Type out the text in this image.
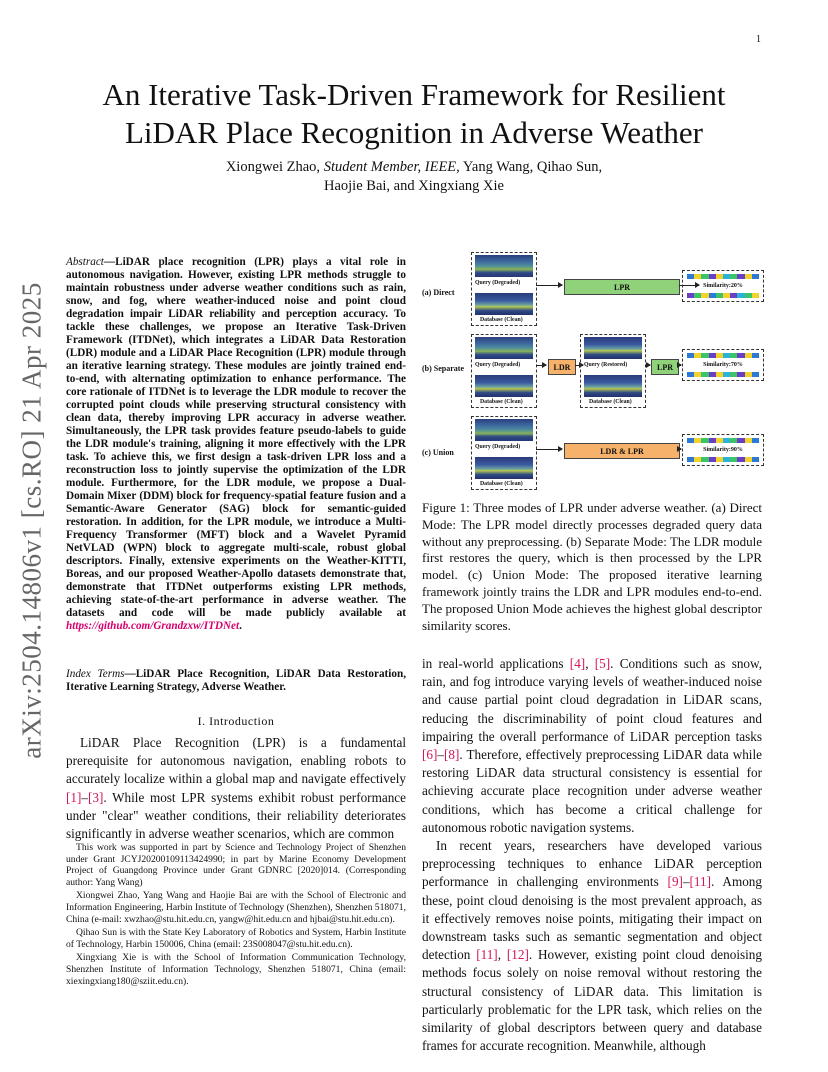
1
arXiv:2504.14806v1 [cs.RO] 21 Apr 2025
An Iterative Task-Driven Framework for Resilient LiDAR Place Recognition in Adverse Weather
Xiongwei Zhao, Student Member, IEEE, Yang Wang, Qihao Sun,
Haojie Bai, and Xingxiang Xie
Abstract—LiDAR place recognition (LPR) plays a vital role in autonomous navigation. However, existing LPR methods struggle to maintain robustness under adverse weather conditions such as rain, snow, and fog, where weather-induced noise and point cloud degradation impair LiDAR reliability and perception accuracy. To tackle these challenges, we propose an Iterative Task-Driven Framework (ITDNet), which integrates a LiDAR Data Restoration (LDR) module and a LiDAR Place Recognition (LPR) module through an iterative learning strategy. These modules are jointly trained end-to-end, with alternating optimization to enhance performance. The core rationale of ITDNet is to leverage the LDR module to recover the corrupted point clouds while preserving structural consistency with clean data, thereby improving LPR accuracy in adverse weather. Simultaneously, the LPR task provides feature pseudo-labels to guide the LDR module's training, aligning it more effectively with the LPR task. To achieve this, we first design a task-driven LPR loss and a reconstruction loss to jointly supervise the optimization of the LDR module. Furthermore, for the LDR module, we propose a Dual-Domain Mixer (DDM) block for frequency-spatial feature fusion and a Semantic-Aware Generator (SAG) block for semantic-guided restoration. In addition, for the LPR module, we introduce a Multi-Frequency Transformer (MFT) block and a Wavelet Pyramid NetVLAD (WPN) block to aggregate multi-scale, robust global descriptors. Finally, extensive experiments on the Weather-KITTI, Boreas, and our proposed Weather-Apollo datasets demonstrate that, demonstrate that ITDNet outperforms existing LPR methods, achieving state-of-the-art performance in adverse weather. The datasets and code will be made publicly available at https://github.com/Grandzxw/ITDNet.
Index Terms—LiDAR Place Recognition, LiDAR Data Restoration, Iterative Learning Strategy, Adverse Weather.
I. Introduction

LiDAR Place Recognition (LPR) is a fundamental prerequisite for autonomous navigation, enabling robots to accurately localize within a global map and navigate effectively [1]–[3]. While most LPR systems exhibit robust performance under "clear" weather conditions, their reliability deteriorates significantly in adverse weather scenarios, which are common

This work was supported in part by Science and Technology Project of Shenzhen under Grant JCYJ20200109113424990; in part by Marine Economy Development Project of Guangdong Province under Grant GDNRC [2020]014. (Corresponding author: Yang Wang)

Xiongwei Zhao, Yang Wang and Haojie Bai are with the School of Electronic and Information Engineering, Harbin Institute of Technology (Shenzhen), Shenzhen 518071, China (e-mail: xwzhao@stu.hit.edu.cn, yangw@hit.edu.cn and hjbai@stu.hit.edu.cn).

Qihao Sun is with the State Key Laboratory of Robotics and System, Harbin Institute of Technology, Harbin 150006, China (email: 23S008047@stu.hit.edu.cn).

Xingxiang Xie is with the School of Information Communication Technology, Shenzhen Institute of Information Technology, Shenzhen 518071, China (email: xiexingxiang180@sziit.edu.cn).

(a) Direct
Query (Degraded)
Database (Clean)
LPR	Similarity:20%
(b) Separate Query (Degraded)
Database (Clean)
LDR	Query (Restored)
Database (Clean)
LPR	Similarity:70%
(c) Union
Query (Degraded)
Database (Clean)
LDR & LPR	Similarity:90%
Figure 1: Three modes of LPR under adverse weather. (a) Direct Mode: The LPR model directly processes degraded query data without any preprocessing. (b) Separate Mode: The LDR module first restores the query, which is then processed by the LPR model. (c) Union Mode: The proposed iterative learning framework jointly trains the LDR and LPR modules end-to-end. The proposed Union Mode achieves the highest global descriptor similarity scores.

in real-world applications [4], [5]. Conditions such as snow, rain, and fog introduce varying levels of weather-induced noise and cause partial point cloud degradation in LiDAR scans, reducing the discriminability of point cloud features and impairing the overall performance of LiDAR perception tasks [6]–[8]. Therefore, effectively preprocessing LiDAR data while restoring LiDAR data structural consistency is essential for achieving accurate place recognition under adverse weather conditions, which has become a critical challenge for autonomous robotic navigation systems.

In recent years, researchers have developed various preprocessing techniques to enhance LiDAR perception performance in challenging environments [9]–[11]. Among these, point cloud denoising is the most prevalent approach, as it effectively removes noise points, mitigating their impact on downstream tasks such as semantic segmentation and object detection [11], [12]. However, existing point cloud denoising methods focus solely on noise removal without restoring the structural consistency of LiDAR data. This limitation is particularly problematic for the LPR task, which relies on the similarity of global descriptors between query and database frames for accurate recognition. Meanwhile, although
